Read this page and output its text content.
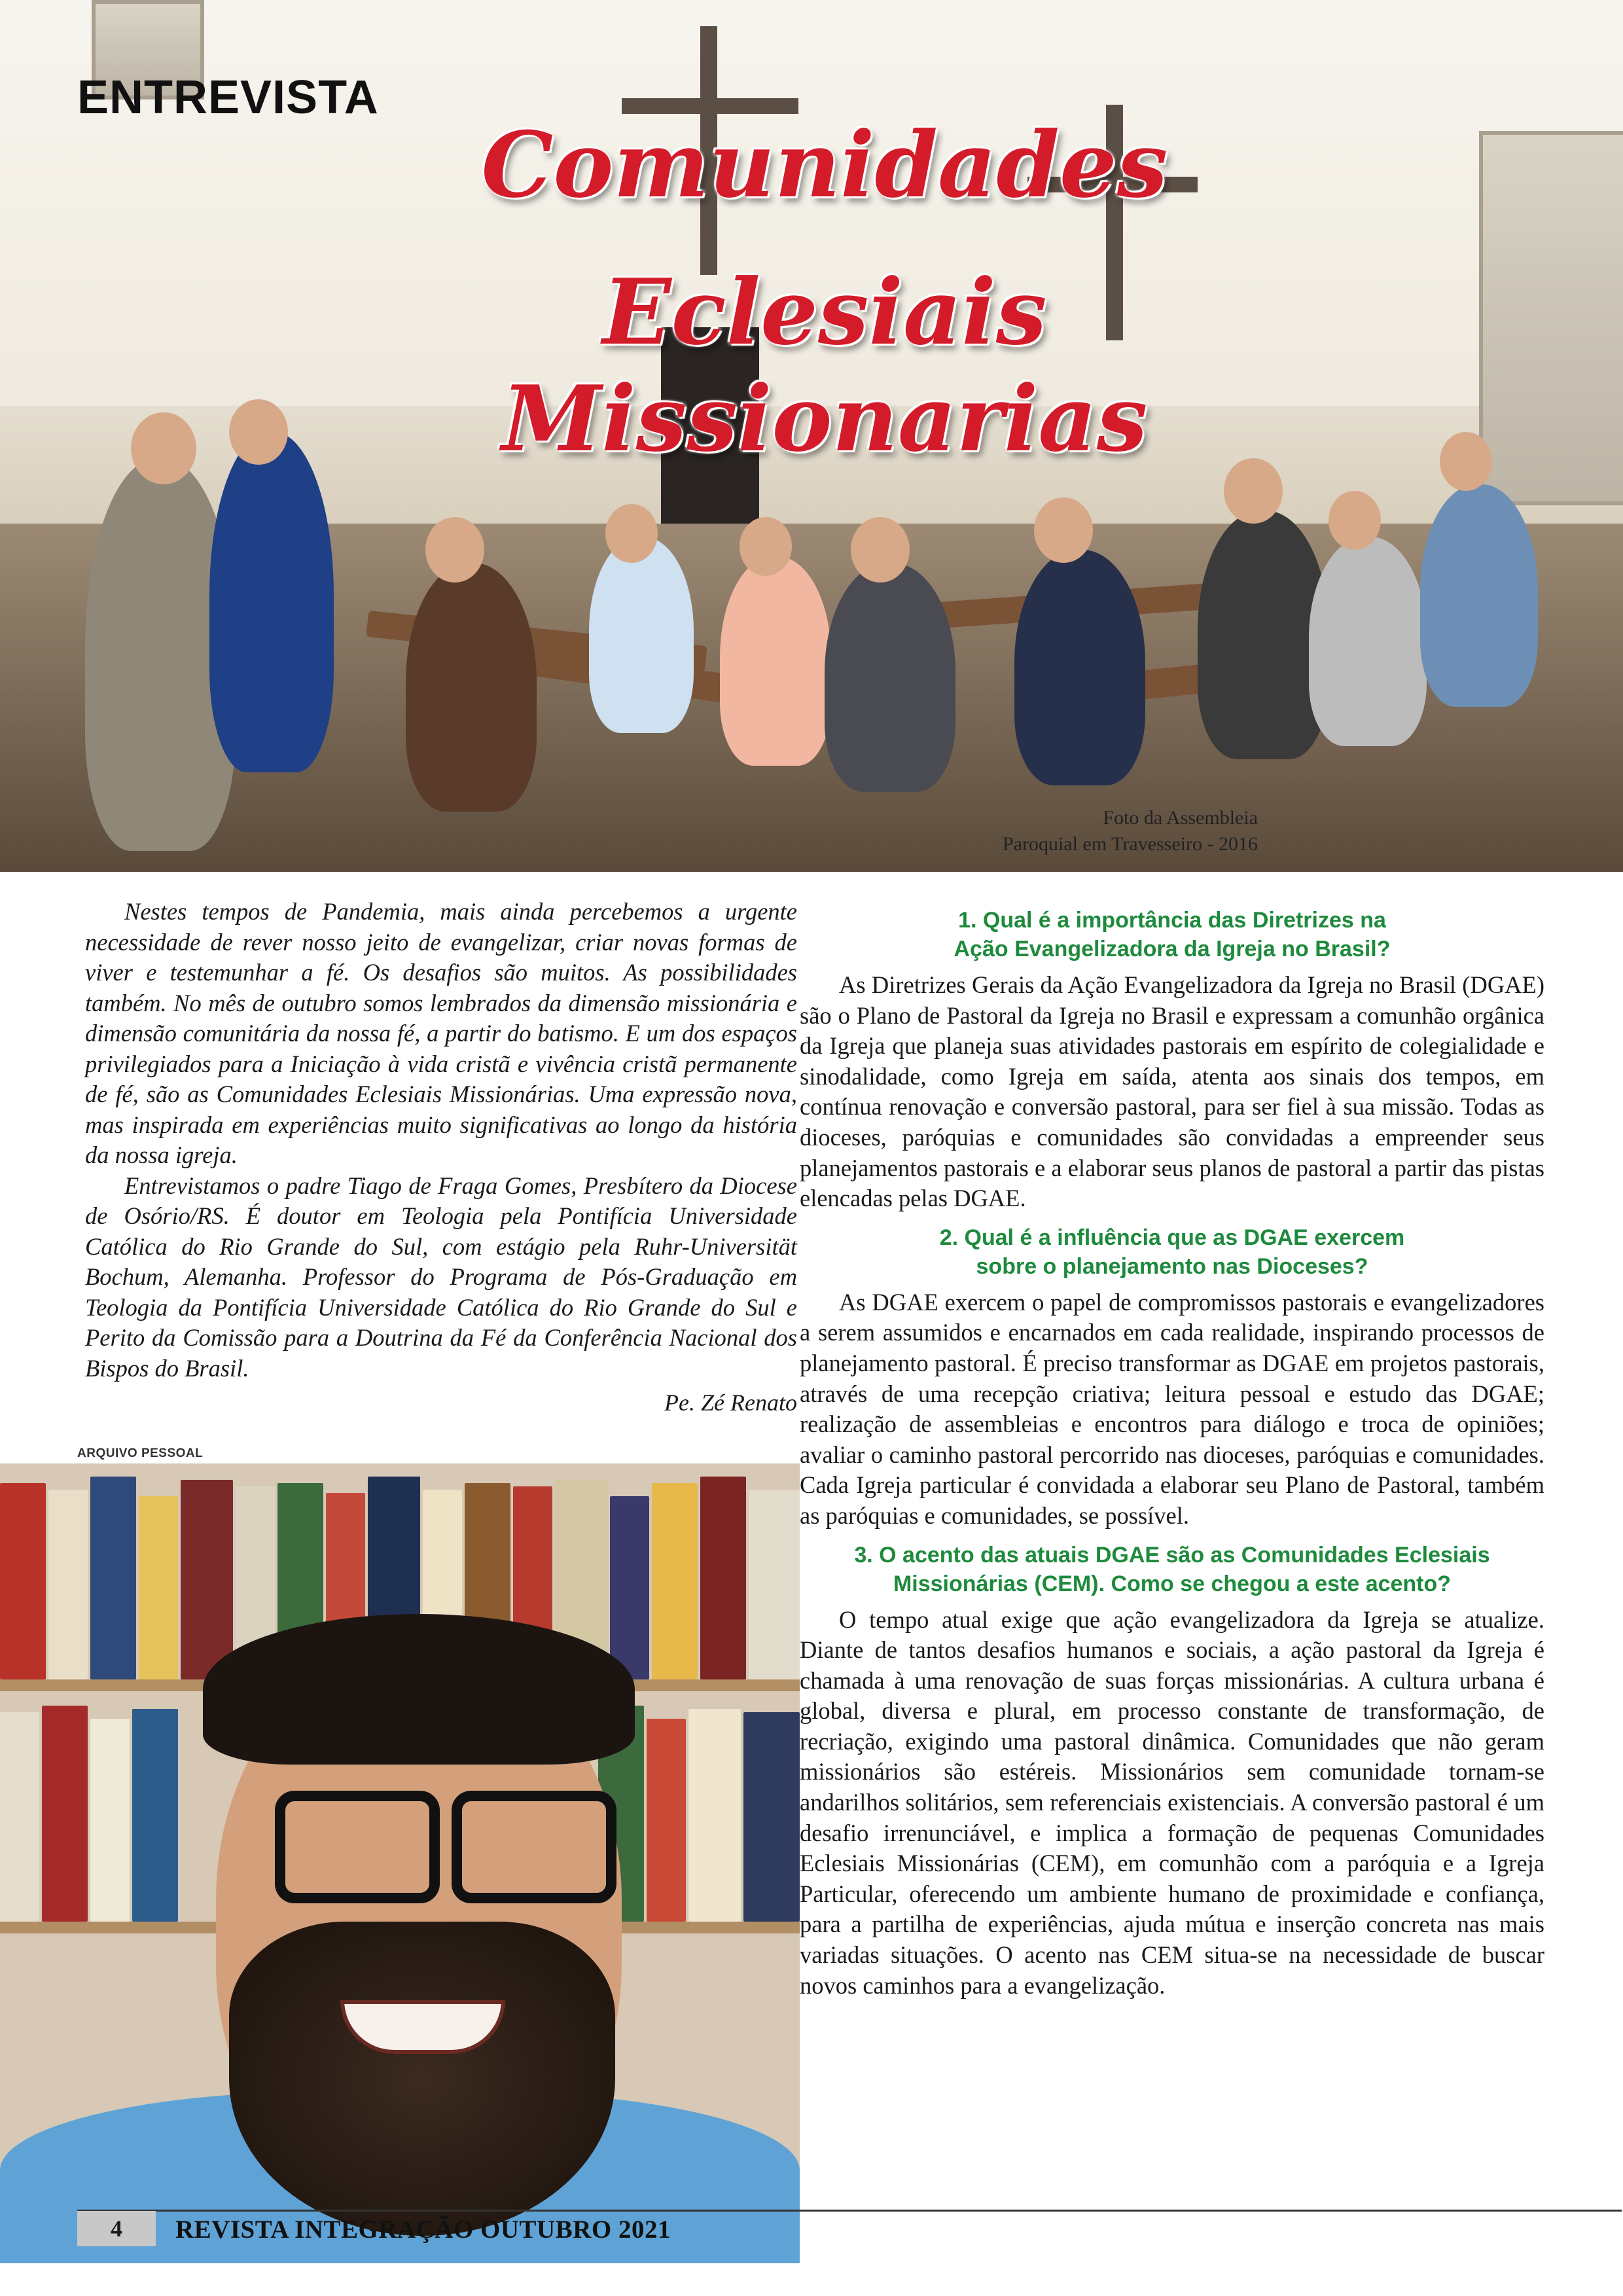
ENTREVISTA
Comunidades
Eclesiais Missionarias
Foto da Assembleia
Paroquial em Travesseiro - 2016

Nestes tempos de Pandemia, mais ainda percebemos a urgente necessidade de rever nosso jeito de evangelizar, criar novas formas de viver e testemunhar a fé. Os desafios são muitos. As possibilidades também. No mês de outubro somos lembrados da dimensão missionária e dimensão comunitária da nossa fé, a partir do batismo. E um dos espaços privilegiados para a Iniciação à vida cristã e vivência cristã permanente de fé, são as Comunidades Eclesiais Missionárias. Uma expressão nova, mas inspirada em experiências muito significativas ao longo da história da nossa igreja.

Entrevistamos o padre Tiago de Fraga Gomes, Presbítero da Diocese de Osório/RS. É doutor em Teologia pela Pontifícia Universidade Católica do Rio Grande do Sul, com estágio pela Ruhr-Universität Bochum, Alemanha. Professor do Programa de Pós-Graduação em Teologia da Pontifícia Universidade Católica do Rio Grande do Sul e Perito da Comissão para a Doutrina da Fé da Conferência Nacional dos Bispos do Brasil.

Pe. Zé Renato

ARQUIVO PESSOAL
1. Qual é a importância das Diretrizes na
Ação Evangelizadora da Igreja no Brasil?

As Diretrizes Gerais da Ação Evangelizadora da Igreja no Brasil (DGAE) são o Plano de Pastoral da Igreja no Brasil e expressam a comunhão orgânica da Igreja que planeja suas atividades pastorais em espírito de colegialidade e sinodalidade, como Igreja em saída, atenta aos sinais dos tempos, em contínua renovação e conversão pastoral, para ser fiel à sua missão. Todas as dioceses, paróquias e comunidades são convidadas a empreender seus planejamentos pastorais e a elaborar seus planos de pastoral a partir das pistas elencadas pelas DGAE.

2. Qual é a influência que as DGAE exercem
sobre o planejamento nas Dioceses?

As DGAE exercem o papel de compromissos pastorais e evangelizadores a serem assumidos e encarnados em cada realidade, inspirando processos de planejamento pastoral. É preciso transformar as DGAE em projetos pastorais, através de uma recepção criativa; leitura pessoal e estudo das DGAE; realização de assembleias e encontros para diálogo e troca de opiniões; avaliar o caminho pastoral percorrido nas dioceses, paróquias e comunidades. Cada Igreja particular é convidada a elaborar seu Plano de Pastoral, também as paróquias e comunidades, se possível.

3. O acento das atuais DGAE são as Comunidades Eclesiais
Missionárias (CEM). Como se chegou a este acento?

O tempo atual exige que ação evangelizadora da Igreja se atualize. Diante de tantos desafios humanos e sociais, a ação pastoral da Igreja é chamada à uma renovação de suas forças missionárias. A cultura urbana é global, diversa e plural, em processo constante de transformação, de recriação, exigindo uma pastoral dinâmica. Comunidades que não geram missionários são estéreis. Missionários sem comunidade tornam-se andarilhos solitários, sem referenciais existenciais. A conversão pastoral é um desafio irrenunciável, e implica a formação de pequenas Comunidades Eclesiais Missionárias (CEM), em comunhão com a paróquia e a Igreja Particular, oferecendo um ambiente humano de proximidade e confiança, para a partilha de experiências, ajuda mútua e inserção concreta nas mais variadas situações. O acento nas CEM situa-se na necessidade de buscar novos caminhos para a evangelização.

4	REVISTA INTEGRAÇÃO OUTUBRO 2021
